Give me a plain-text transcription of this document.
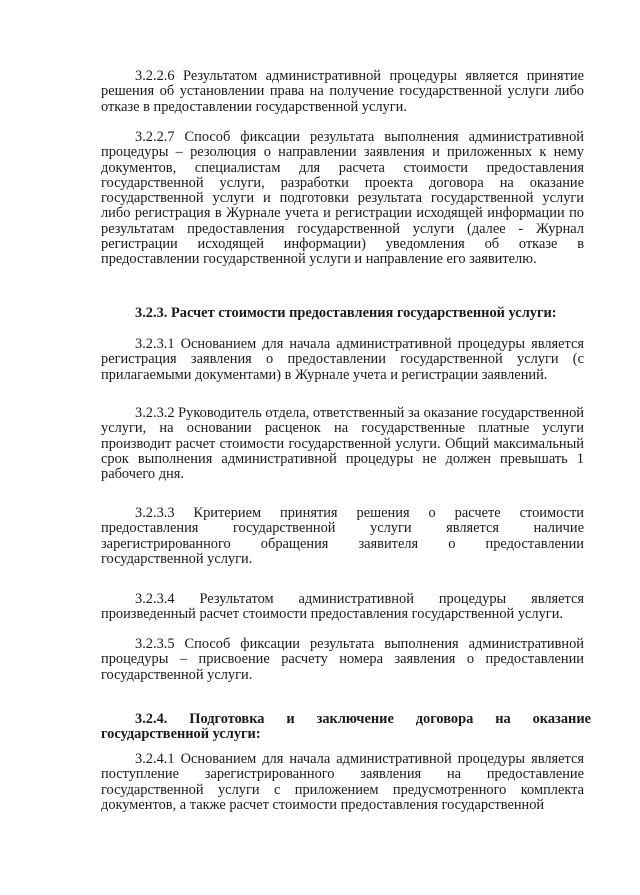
3.2.2.6 Результатом административной процедуры является принятие решения об установлении права на получение государственной услуги либо отказе в предоставлении государственной услуги.

3.2.2.7 Способ фиксации результата выполнения административной процедуры – резолюция о направлении заявления и приложенных к нему документов, специалистам для расчета стоимости предоставления государственной услуги, разработки проекта договора на оказание государственной услуги и подготовки результата государственной услуги либо регистрация в Журнале учета и регистрации исходящей информации по результатам предоставления государственной услуги (далее - Журнал регистрации исходящей информации) уведомления об отказе в предоставлении государственной услуги и направление его заявителю.

3.2.3. Расчет стоимости предоставления государственной услуги:

3.2.3.1 Основанием для начала административной процедуры является регистрация заявления о предоставлении государственной услуги (с прилагаемыми документами) в Журнале учета и регистрации заявлений.

3.2.3.2 Руководитель отдела, ответственный за оказание государственной услуги, на основании расценок на государственные платные услуги производит расчет стоимости государственной услуги. Общий максимальный срок выполнения административной процедуры не должен превышать 1 рабочего дня.

3.2.3.3 Критерием принятия решения о расчете стоимости предоставления государственной услуги является наличие зарегистрированного обращения заявителя о предоставлении государственной услуги.

3.2.3.4 Результатом административной процедуры является произведенный расчет стоимости предоставления государственной услуги.

3.2.3.5 Способ фиксации результата выполнения административной процедуры – присвоение расчету номера заявления о предоставлении государственной услуги.

3.2.4. Подготовка и заключение договора на оказание государственной услуги:

3.2.4.1 Основанием для начала административной процедуры является поступление зарегистрированного заявления на предоставление государственной услуги с приложением предусмотренного комплекта документов, а также расчет стоимости предоставления государственной
